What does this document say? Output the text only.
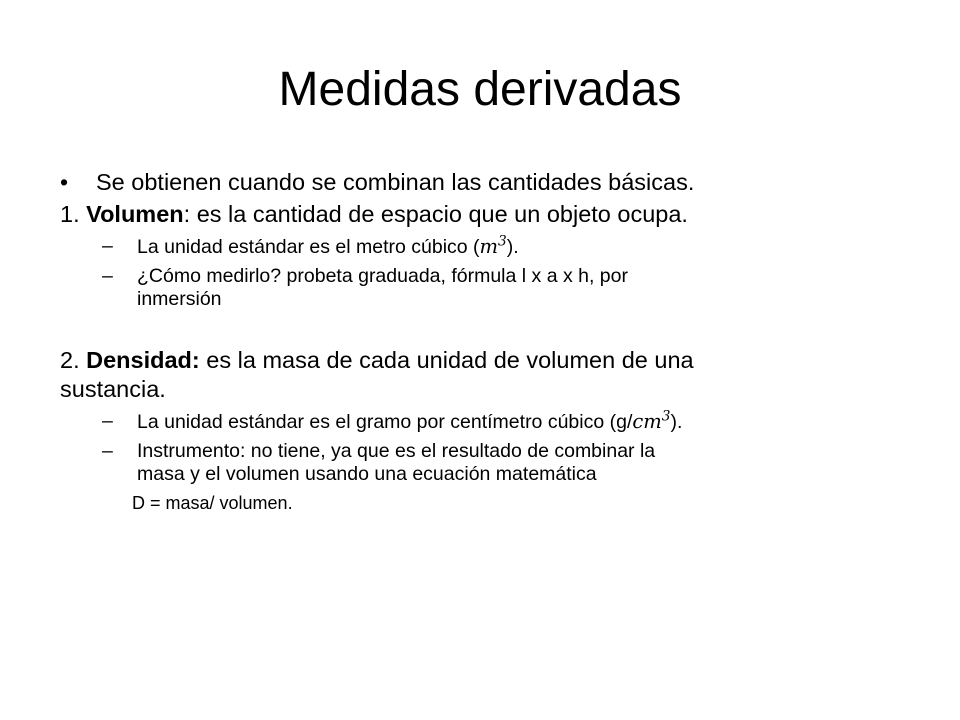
Medidas derivadas

• Se obtienen cuando se combinan las cantidades básicas.

1. Volumen: es la cantidad de espacio que un objeto ocupa.

– La unidad estándar es el metro cúbico $(m^3)$.

– ¿Cómo medirlo? probeta graduada, fórmula l x a x h, por
inmersión

2. Densidad: es la masa de cada unidad de volumen de una
sustancia.

– La unidad estándar es el gramo por centímetro cúbico $(g/cm^3)$.

– Instrumento: no tiene, ya que es el resultado de combinar la
masa y el volumen usando una ecuación matemática

D = masa/ volumen.
